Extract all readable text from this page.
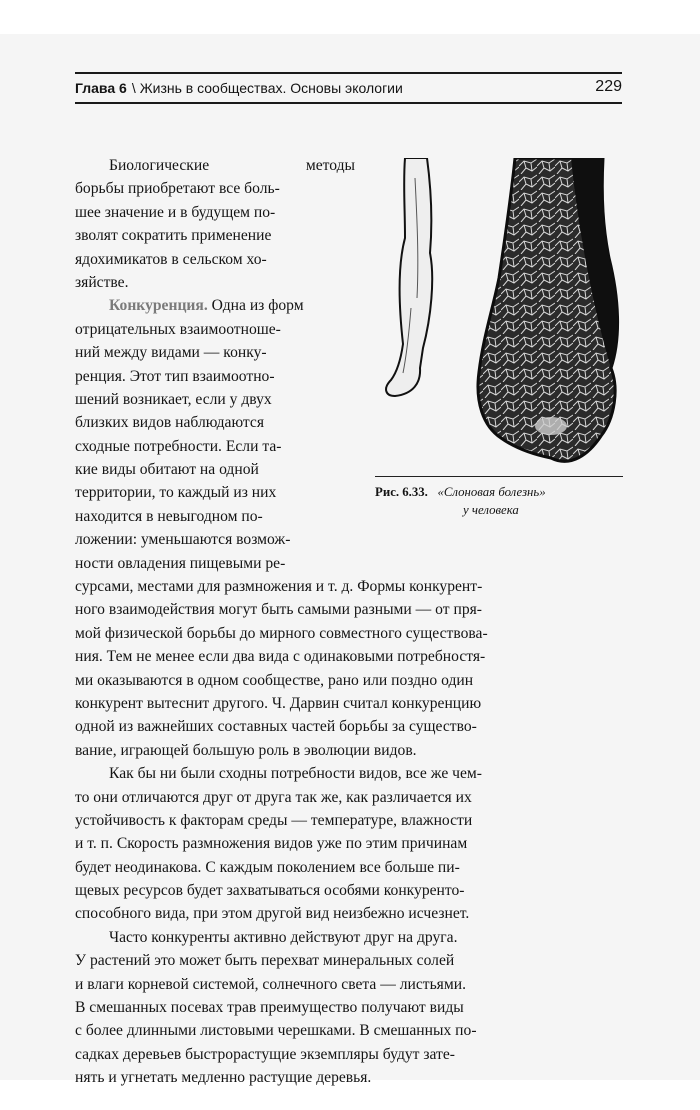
Глава 6 \ Жизнь в сообществах. Основы экологии	229
Биологические	методы
борьбы приобретают все боль-
шее значение и в будущем по-
зволят сократить применение
ядохимикатов в сельском хо-
зяйстве.
Конкуренция. Одна из форм
отрицательных взаимоотноше-
ний между видами — конку-
ренция. Этот тип взаимоотно-
шений возникает, если у двух
близких видов наблюдаются
сходные потребности. Если та-
кие виды обитают на одной
территории, то каждый из них
находится в невыгодном по-
ложении: уменьшаются возмож-
ности овладения пищевыми ре-
Рис. 6.33. «Слоновая болезнь»
у человека
сурсами, местами для размножения и т. д. Формы конкурент-
ного взаимодействия могут быть самыми разными — от пря-
мой физической борьбы до мирного совместного существова-
ния. Тем не менее если два вида с одинаковыми потребностя-
ми оказываются в одном сообществе, рано или поздно один
конкурент вытеснит другого. Ч. Дарвин считал конкуренцию
одной из важнейших составных частей борьбы за существо-
вание, играющей большую роль в эволюции видов.
Как бы ни были сходны потребности видов, все же чем-
то они отличаются друг от друга так же, как различается их
устойчивость к факторам среды — температуре, влажности
и т. п. Скорость размножения видов уже по этим причинам
будет неодинакова. С каждым поколением все больше пи-
щевых ресурсов будет захватываться особями конкуренто-
способного вида, при этом другой вид неизбежно исчезнет.
Часто конкуренты активно действуют друг на друга.
У растений это может быть перехват минеральных солей
и влаги корневой системой, солнечного света — листьями.
В смешанных посевах трав преимущество получают виды
с более длинными листовыми черешками. В смешанных по-
садках деревьев быстрорастущие экземпляры будут зате-
нять и угнетать медленно растущие деревья.
